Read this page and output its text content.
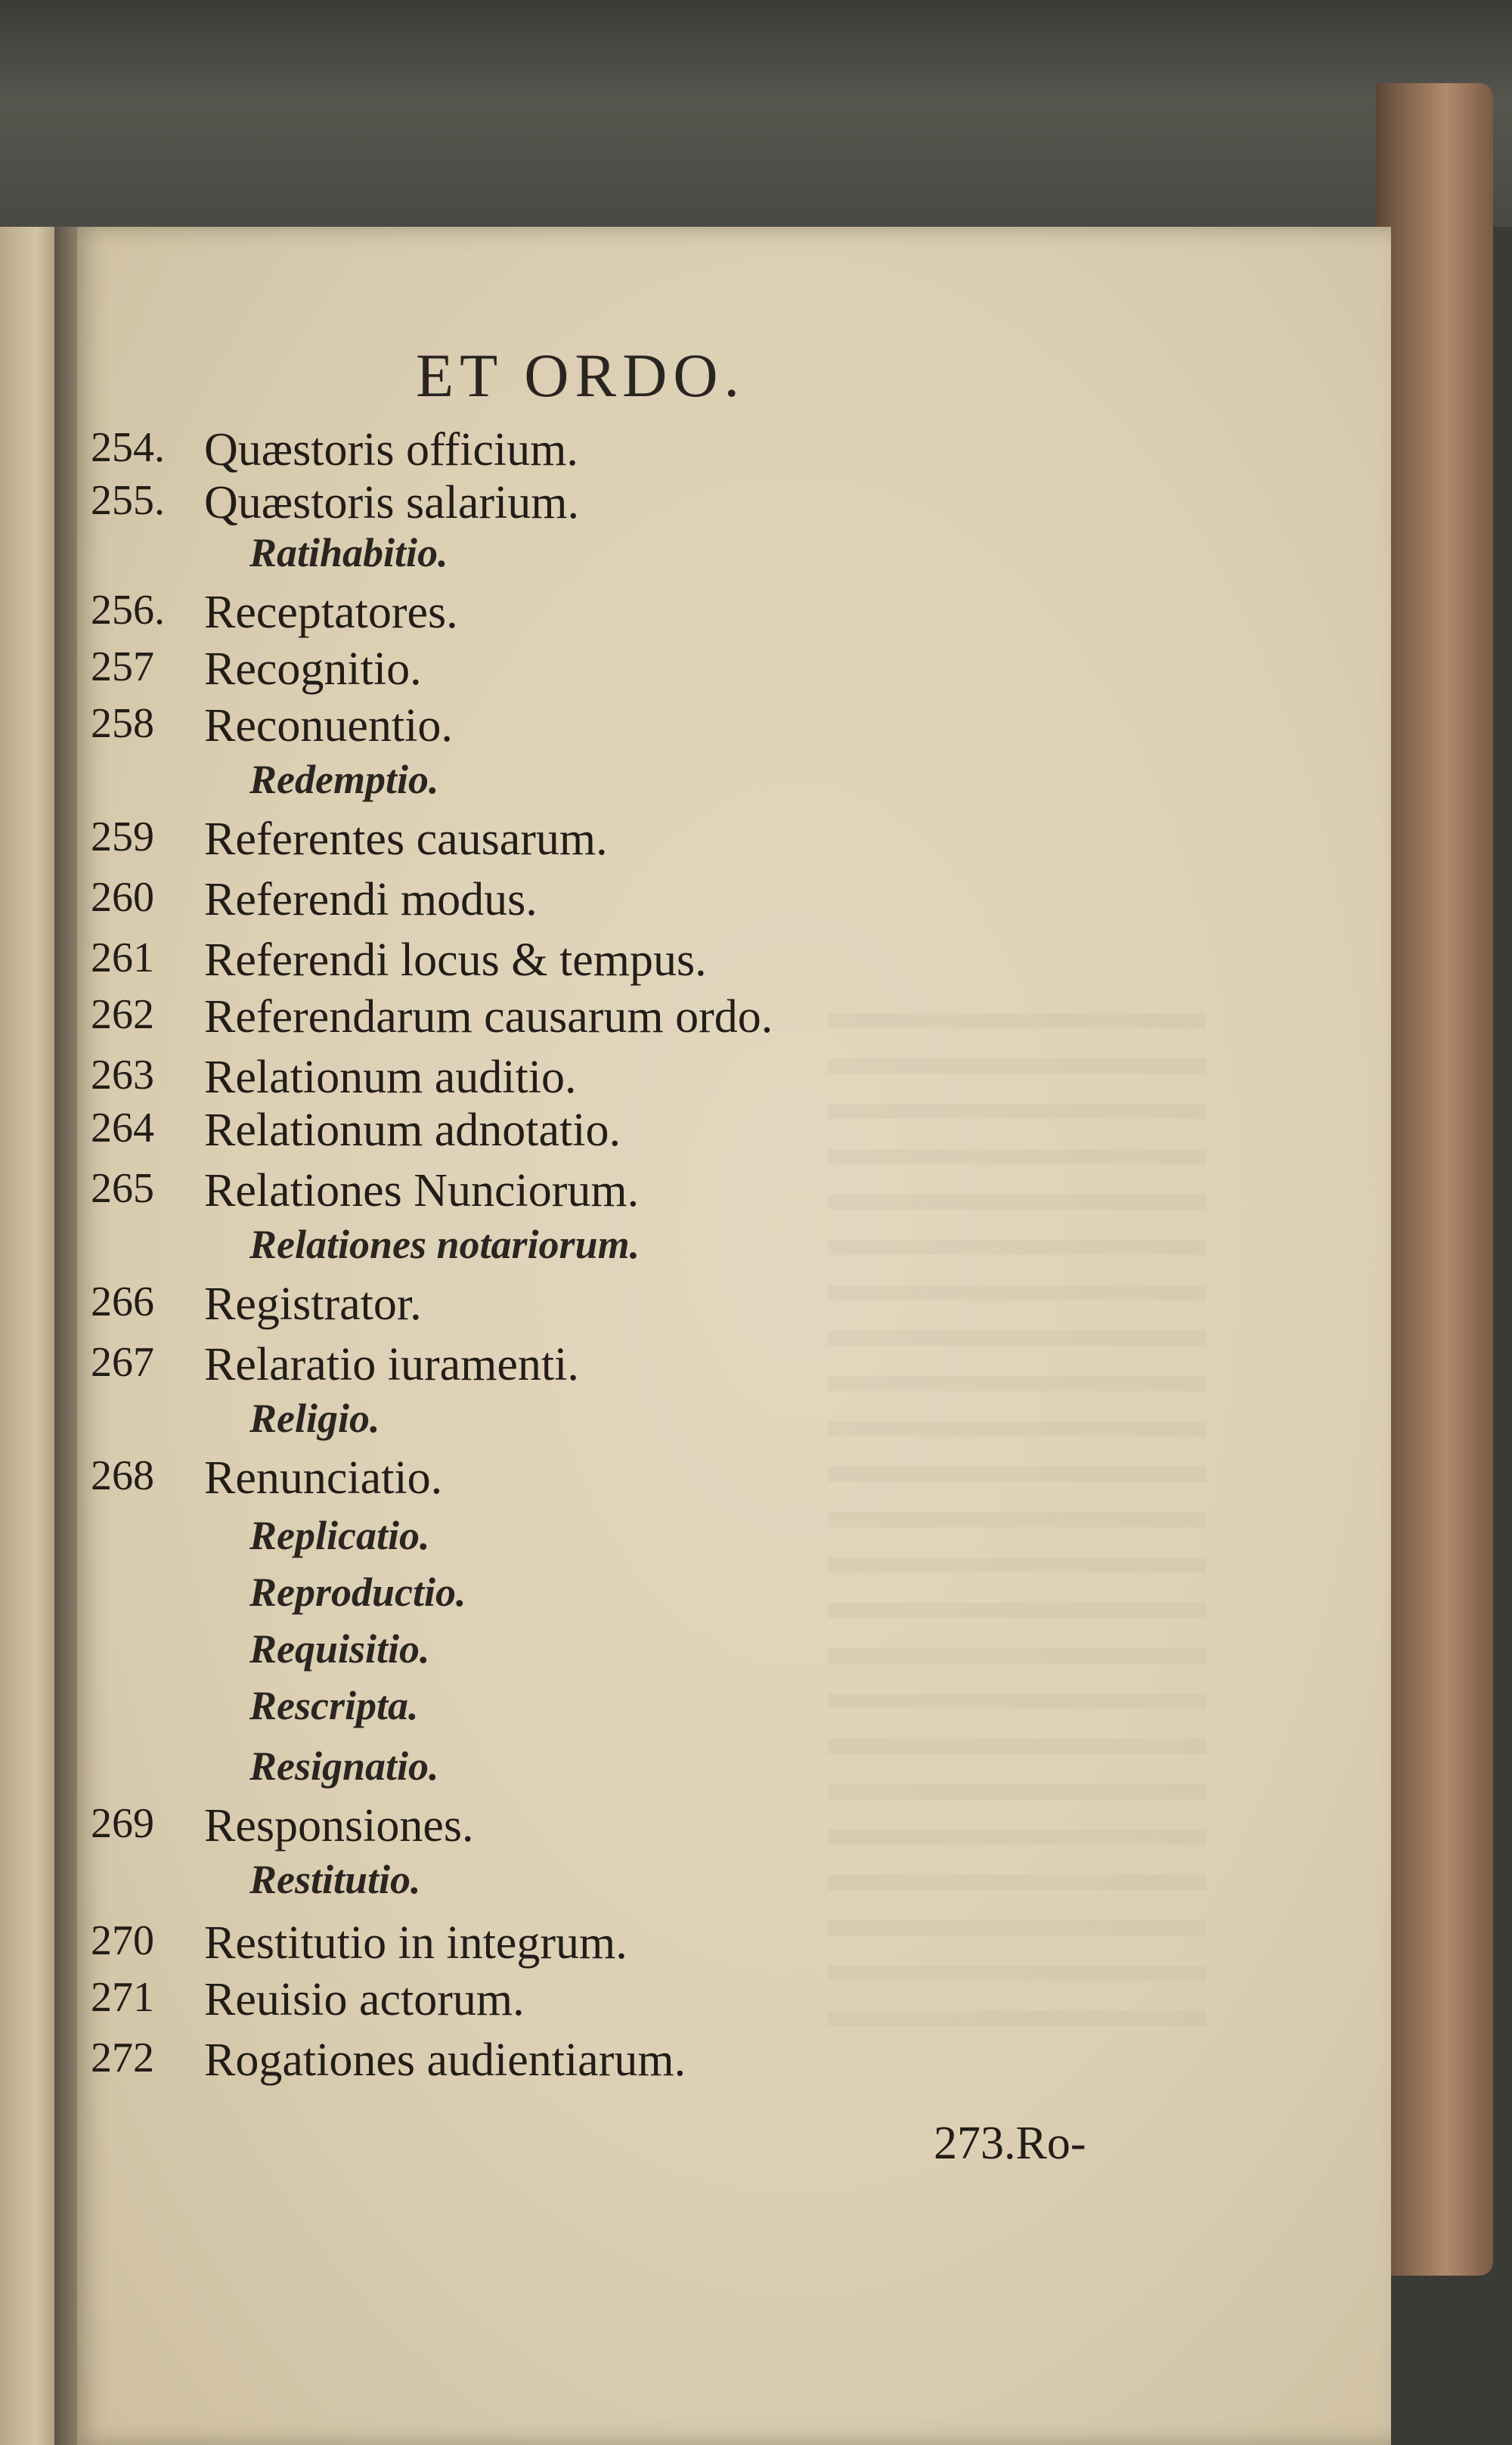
ET ORDO.
254. Quæstoris officium.
255. Quæstoris salarium.
Ratihabitio.
256. Receptatores.
257	Recognitio.
258	Reconuentio.
Redemptio.
259	Referentes causarum.
260	Referendi modus.
261	Referendi locus & tempus.
262	Referendarum causarum ordo.
263	Relationum auditio.
264	Relationum adnotatio.
265	Relationes Nunciorum.
Relationes notariorum.
266	Registrator.
267	Relaratio iuramenti.
Religio.
268	Renunciatio.
Replicatio.
Reproductio.
Requisitio.
Rescripta.
Resignatio.
269	Responsiones.
Restitutio.
270	Restitutio in integrum.
271	Reuisio actorum.
272	Rogationes audientiarum.
273.Ro-
